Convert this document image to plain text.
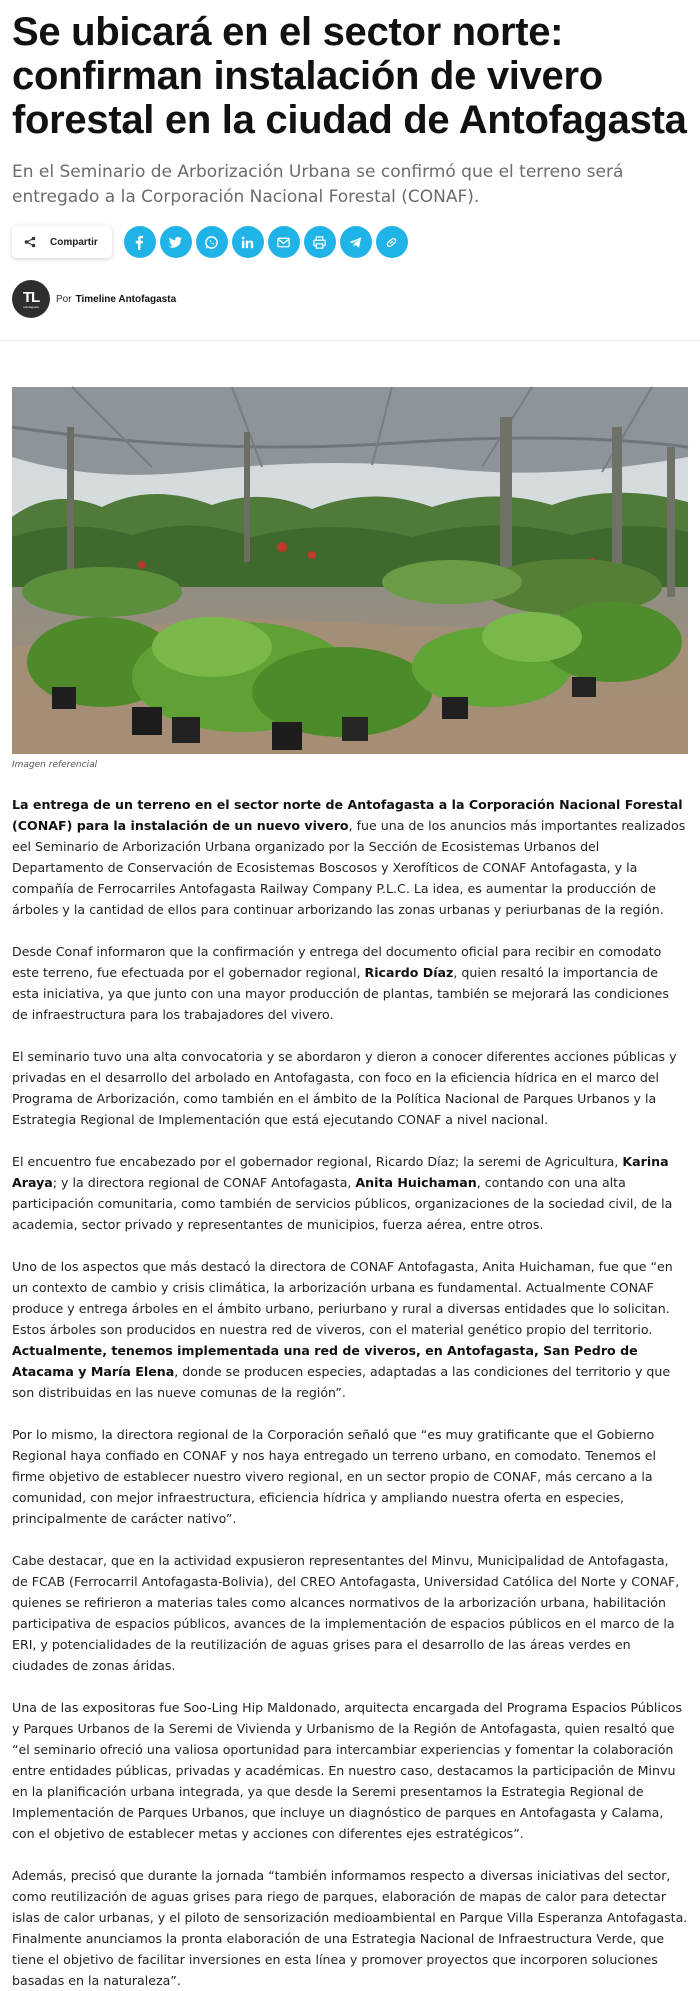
Se ubicará en el sector norte: confirman instalación de vivero forestal en la ciudad de Antofagasta

En el Seminario de Arborización Urbana se confirmó que el terreno será entregado a la Corporación Nacional Forestal (CONAF).

Compartir
TL
antofagasta
Por Timeline Antofagasta
Imagen referencial

La entrega de un terreno en el sector norte de Antofagasta a la Corporación Nacional Forestal (CONAF) para la instalación de un nuevo vivero, fue una de los anuncios más importantes realizados eel Seminario de Arborización Urbana organizado por la Sección de Ecosistemas Urbanos del Departamento de Conservación de Ecosistemas Boscosos y Xerofíticos de CONAF Antofagasta, y la compañía de Ferrocarriles Antofagasta Railway Company P.L.C. La idea, es aumentar la producción de árboles y la cantidad de ellos para continuar arborizando las zonas urbanas y periurbanas de la región.

Desde Conaf informaron que la confirmación y entrega del documento oficial para recibir en comodato este terreno, fue efectuada por el gobernador regional, Ricardo Díaz, quien resaltó la importancia de esta iniciativa, ya que junto con una mayor producción de plantas, también se mejorará las condiciones de infraestructura para los trabajadores del vivero.

El seminario tuvo una alta convocatoria y se abordaron y dieron a conocer diferentes acciones públicas y privadas en el desarrollo del arbolado en Antofagasta, con foco en la eficiencia hídrica en el marco del Programa de Arborización, como también en el ámbito de la Política Nacional de Parques Urbanos y la Estrategia Regional de Implementación que está ejecutando CONAF a nivel nacional.

El encuentro fue encabezado por el gobernador regional, Ricardo Díaz; la seremi de Agricultura, Karina Araya; y la directora regional de CONAF Antofagasta, Anita Huichaman, contando con una alta participación comunitaria, como también de servicios públicos, organizaciones de la sociedad civil, de la academia, sector privado y representantes de municipios, fuerza aérea, entre otros.

Uno de los aspectos que más destacó la directora de CONAF Antofagasta, Anita Huichaman, fue que “en un contexto de cambio y crisis climática, la arborización urbana es fundamental. Actualmente CONAF produce y entrega árboles en el ámbito urbano, periurbano y rural a diversas entidades que lo solicitan. Estos árboles son producidos en nuestra red de viveros, con el material genético propio del territorio. Actualmente, tenemos implementada una red de viveros, en Antofagasta, San Pedro de Atacama y María Elena, donde se producen especies, adaptadas a las condiciones del territorio y que son distribuidas en las nueve comunas de la región”.

Por lo mismo, la directora regional de la Corporación señaló que “es muy gratificante que el Gobierno Regional haya confiado en CONAF y nos haya entregado un terreno urbano, en comodato. Tenemos el firme objetivo de establecer nuestro vivero regional, en un sector propio de CONAF, más cercano a la comunidad, con mejor infraestructura, eficiencia hídrica y ampliando nuestra oferta en especies, principalmente de carácter nativo”.

Cabe destacar, que en la actividad expusieron representantes del Minvu, Municipalidad de Antofagasta, de FCAB (Ferrocarril Antofagasta-Bolivia), del CREO Antofagasta, Universidad Católica del Norte y CONAF, quienes se refirieron a materias tales como alcances normativos de la arborización urbana, habilitación participativa de espacios públicos, avances de la implementación de espacios públicos en el marco de la ERI, y potencialidades de la reutilización de aguas grises para el desarrollo de las áreas verdes en ciudades de zonas áridas.

Una de las expositoras fue Soo-Ling Hip Maldonado, arquitecta encargada del Programa Espacios Públicos y Parques Urbanos de la Seremi de Vivienda y Urbanismo de la Región de Antofagasta, quien resaltó que “el seminario ofreció una valiosa oportunidad para intercambiar experiencias y fomentar la colaboración entre entidades públicas, privadas y académicas. En nuestro caso, destacamos la participación de Minvu en la planificación urbana integrada, ya que desde la Seremi presentamos la Estrategia Regional de Implementación de Parques Urbanos, que incluye un diagnóstico de parques en Antofagasta y Calama, con el objetivo de establecer metas y acciones con diferentes ejes estratégicos”.

Además, precisó que durante la jornada “también informamos respecto a diversas iniciativas del sector, como reutilización de aguas grises para riego de parques, elaboración de mapas de calor para detectar islas de calor urbanas, y el piloto de sensorización medioambiental en Parque Villa Esperanza Antofagasta. Finalmente anunciamos la pronta elaboración de una Estrategia Nacional de Infraestructura Verde, que tiene el objetivo de facilitar inversiones en esta línea y promover proyectos que incorporen soluciones basadas en la naturaleza”.
